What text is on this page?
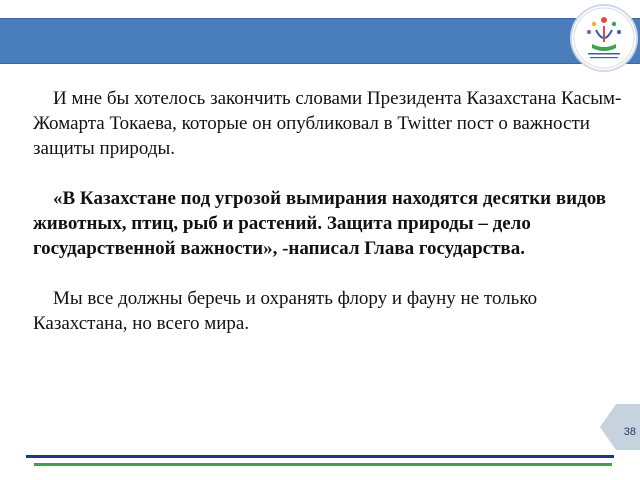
И мне бы хотелось закончить словами Президента Казахстана Касым-Жомарта Токаева, которые он опубликовал в Twitter пост о важности защиты природы.

«В Казахстане под угрозой вымирания находятся десятки видов животных, птиц, рыб и растений. Защита природы – дело государственной важности», -написал Глава государства.

Мы все должны беречь и охранять флору и фауну не только Казахстана, но всего мира.

38
